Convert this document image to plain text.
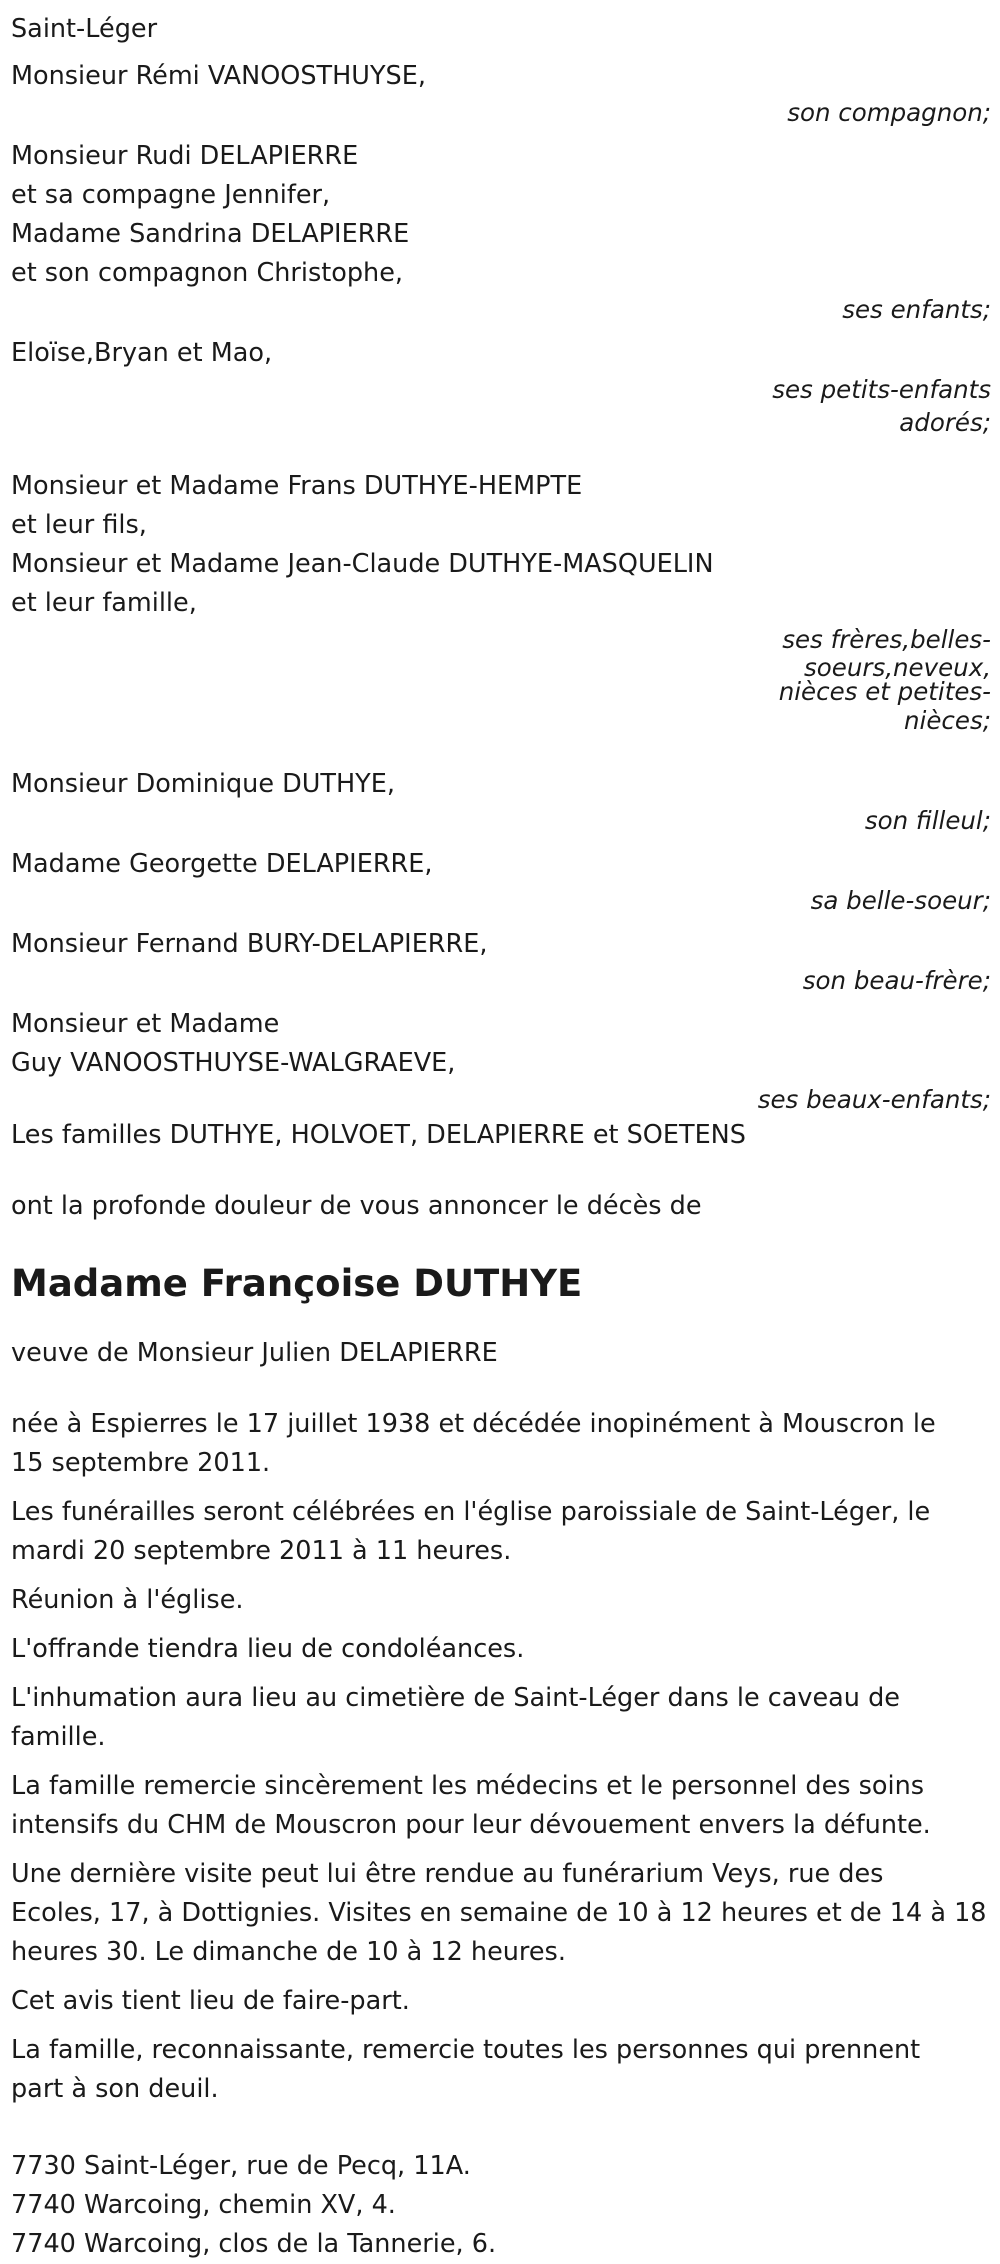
Saint-Léger
Monsieur Rémi VANOOSTHUYSE,
son compagnon;
Monsieur Rudi DELAPIERRE
et sa compagne Jennifer,
Madame Sandrina DELAPIERRE
et son compagnon Christophe,
ses enfants;
Eloïse,Bryan et Mao,
ses petits-enfants
adorés;
Monsieur et Madame Frans DUTHYE-HEMPTE
et leur fils,
Monsieur et Madame Jean-Claude DUTHYE-MASQUELIN
et leur famille,
ses frères,belles-
soeurs,neveux,
nièces et petites-
nièces;
Monsieur Dominique DUTHYE,
son filleul;
Madame Georgette DELAPIERRE,
sa belle-soeur;
Monsieur Fernand BURY-DELAPIERRE,
son beau-frère;
Monsieur et Madame
Guy VANOOSTHUYSE-WALGRAEVE,
ses beaux-enfants;
Les familles DUTHYE, HOLVOET, DELAPIERRE et SOETENS
ont la profonde douleur de vous annoncer le décès de
Madame Françoise DUTHYE
veuve de Monsieur Julien DELAPIERRE
née à Espierres le 17 juillet 1938 et décédée inopinément à Mouscron le
15 septembre 2011.
Les funérailles seront célébrées en l'église paroissiale de Saint-Léger, le
mardi 20 septembre 2011 à 11 heures.
Réunion à l'église.
L'offrande tiendra lieu de condoléances.
L'inhumation aura lieu au cimetière de Saint-Léger dans le caveau de
famille.
La famille remercie sincèrement les médecins et le personnel des soins
intensifs du CHM de Mouscron pour leur dévouement envers la défunte.
Une dernière visite peut lui être rendue au funérarium Veys, rue des
Ecoles, 17, à Dottignies. Visites en semaine de 10 à 12 heures et de 14 à 18
heures 30. Le dimanche de 10 à 12 heures.
Cet avis tient lieu de faire-part.
La famille, reconnaissante, remercie toutes les personnes qui prennent
part à son deuil.
7730 Saint-Léger, rue de Pecq, 11A.
7740 Warcoing, chemin XV, 4.
7740 Warcoing, clos de la Tannerie, 6.
